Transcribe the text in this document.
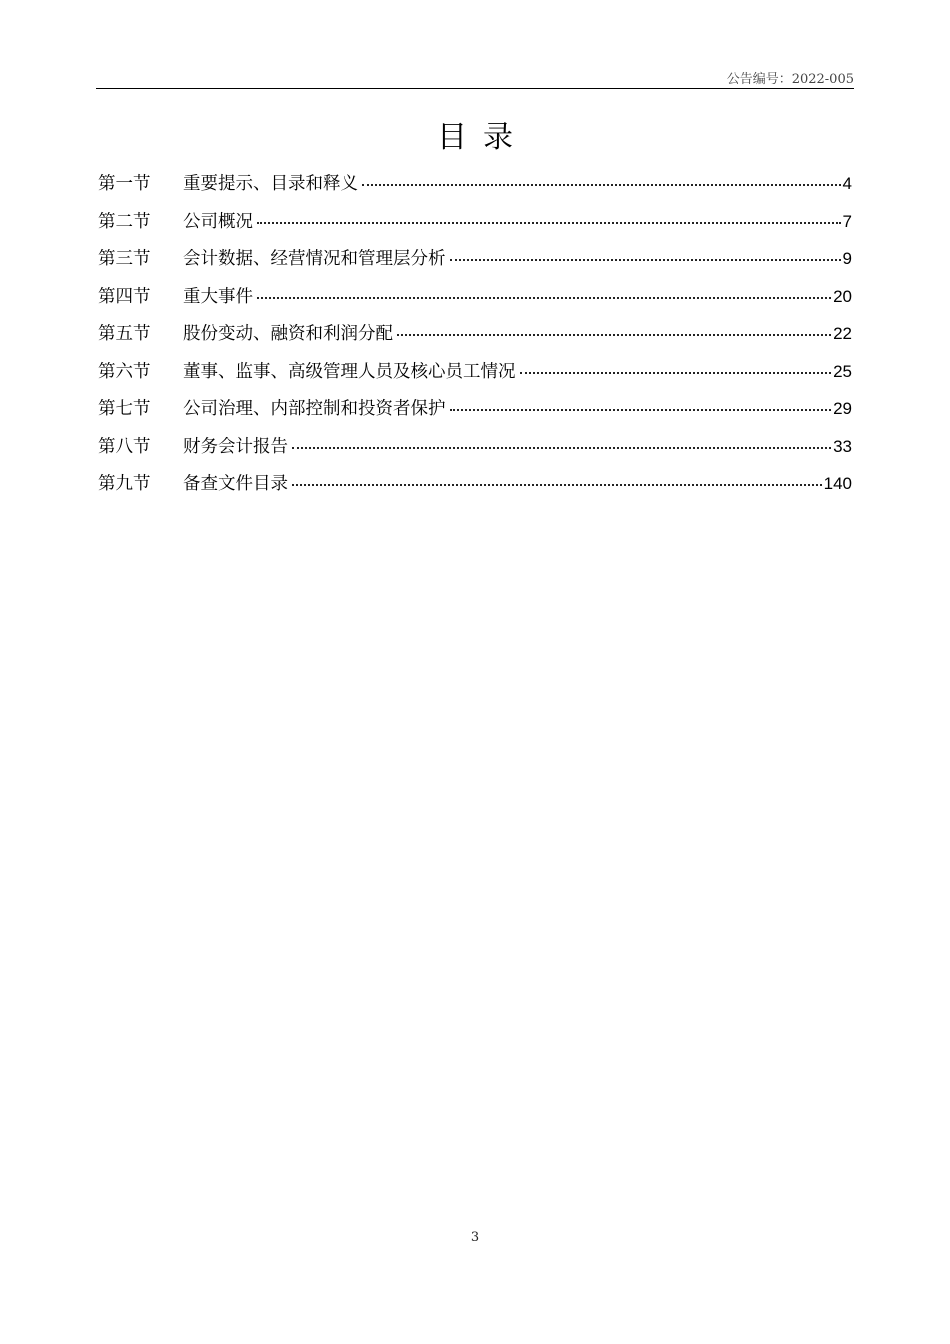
公告编号：2022-005
目录
第一节	重要提示、目录和释义	4
第二节	公司概况	7
第三节	会计数据、经营情况和管理层分析	9
第四节	重大事件	20
第五节	股份变动、融资和利润分配	22
第六节	董事、监事、高级管理人员及核心员工情况	25
第七节	公司治理、内部控制和投资者保护	29
第八节	财务会计报告	33
第九节	备查文件目录	140
3
